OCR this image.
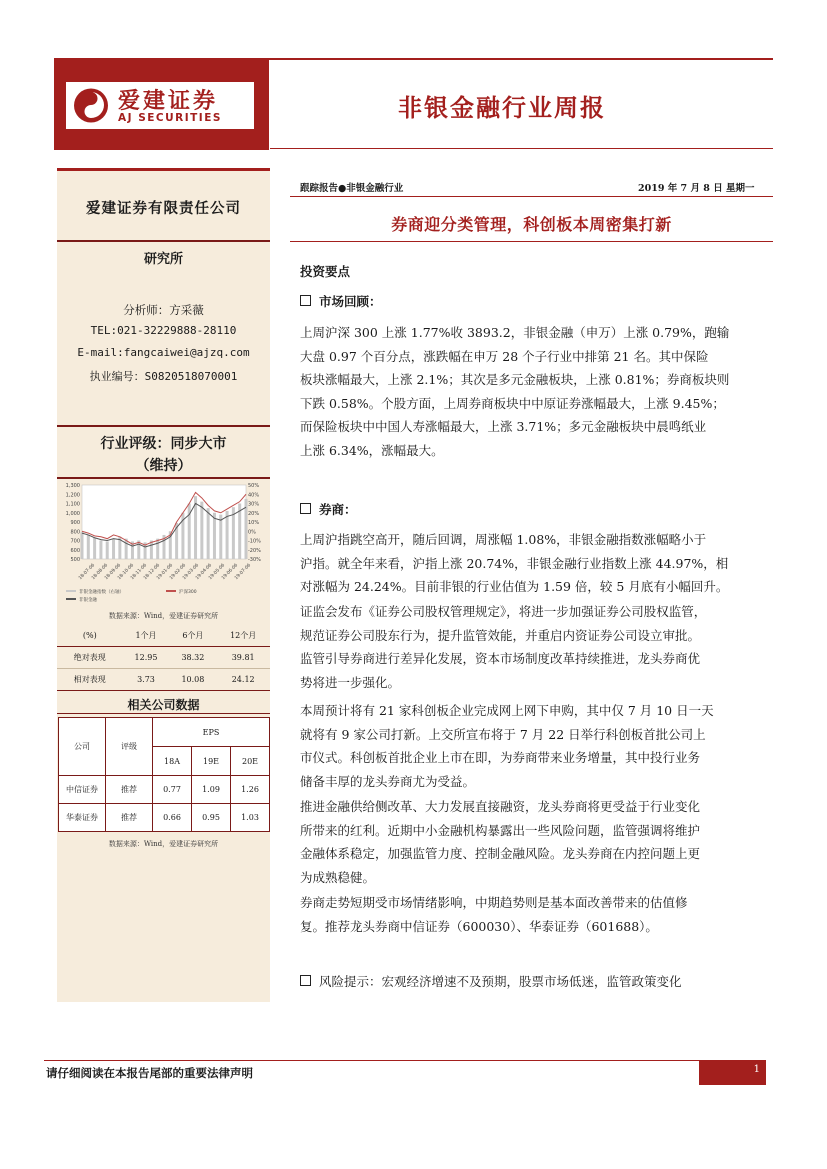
爱建证券
AJ SECURITIES	非银金融行业周报
爱建证券有限责任公司
研究所
分析师：方采薇
TEL:021-32229888-28110
E-mail:fangcaiwei@ajzq.com
执业编号：S0820518070001
行业评级：同步大市
（维持）
1,300
1,200
1,100
1,000
900
800
700
600
500
50%
40%
30%
20%
10%
0%
-10%
-20%
-30%
18-07-06
18-08-06
18-09-06
18-10-06
18-11-06
18-12-06
19-01-06
19-02-06
19-03-06
19-04-06
19-05-06
19-06-06
19-07-06
非银金融指数（右轴）	沪深300
非银金融
数据来源：Wind，爱建证券研究所
(%)	1个月	6个月	12个月
绝对表现	12.95	38.32	39.81
相对表现	3.73	10.08	24.12
相关公司数据
公司	评级	EPS		
		18A	19E	20E
中信证券	推荐	0.77	1.09	1.26
华泰证券	推荐	0.66	0.95	1.03
数据来源：Wind，爱建证券研究所
跟踪报告●非银金融行业	2019 年 7 月 8 日 星期一
券商迎分类管理，科创板本周密集打新
投资要点
市场回顾：
上周沪深 300 上涨 1.77%收 3893.2，非银金融（申万）上涨 0.79%，跑输
大盘 0.97 个百分点，涨跌幅在申万 28 个子行业中排第 21 名。其中保险
板块涨幅最大，上涨 2.1%；其次是多元金融板块，上涨 0.81%；券商板块则
下跌 0.58%。个股方面，上周券商板块中中原证券涨幅最大，上涨 9.45%；
而保险板块中中国人寿涨幅最大，上涨 3.71%；多元金融板块中晨鸣纸业
上涨 6.34%，涨幅最大。
券商：
上周沪指跳空高开，随后回调，周涨幅 1.08%，非银金融指数涨幅略小于
沪指。就全年来看，沪指上涨 20.74%，非银金融行业指数上涨 44.97%，相
对涨幅为 24.24%。目前非银的行业估值为 1.59 倍，较 5 月底有小幅回升。
证监会发布《证券公司股权管理规定》，将进一步加强证券公司股权监管，
规范证券公司股东行为，提升监管效能，并重启内资证券公司设立审批。
监管引导券商进行差异化发展，资本市场制度改革持续推进，龙头券商优
势将进一步强化。
本周预计将有 21 家科创板企业完成网上网下申购，其中仅 7 月 10 日一天
就将有 9 家公司打新。上交所宣布将于 7 月 22 日举行科创板首批公司上
市仪式。科创板首批企业上市在即，为券商带来业务增量，其中投行业务
储备丰厚的龙头券商尤为受益。
推进金融供给侧改革、大力发展直接融资，龙头券商将更受益于行业变化
所带来的红利。近期中小金融机构暴露出一些风险问题，监管强调将维护
金融体系稳定，加强监管力度、控制金融风险。龙头券商在内控问题上更
为成熟稳健。
券商走势短期受市场情绪影响，中期趋势则是基本面改善带来的估值修
复。推荐龙头券商中信证券（600030）、华泰证券（601688）。
风险提示：宏观经济增速不及预期，股票市场低迷，监管政策变化
请仔细阅读在本报告尾部的重要法律声明	1
